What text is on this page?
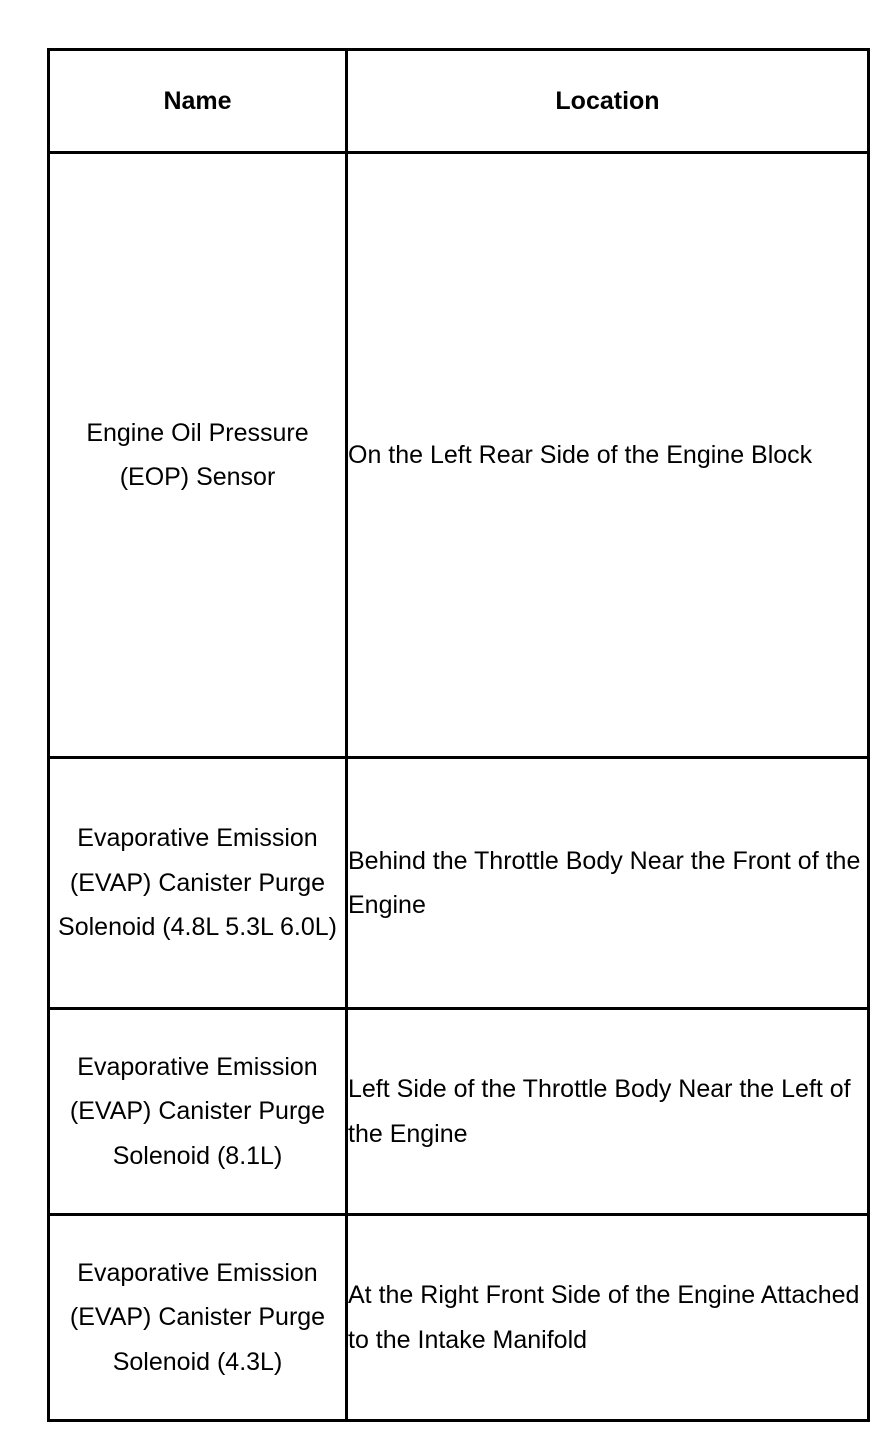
Name	Location
Engine Oil Pressure (EOP) Sensor	On the Left Rear Side of the Engine Block
Evaporative Emission (EVAP) Canister Purge Solenoid (4.8L 5.3L 6.0L)	Behind the Throttle Body Near the Front of the Engine
Evaporative Emission (EVAP) Canister Purge Solenoid (8.1L)	Left Side of the Throttle Body Near the Left of the Engine
Evaporative Emission (EVAP) Canister Purge Solenoid (4.3L)	At the Right Front Side of the Engine Attached to the Intake Manifold
